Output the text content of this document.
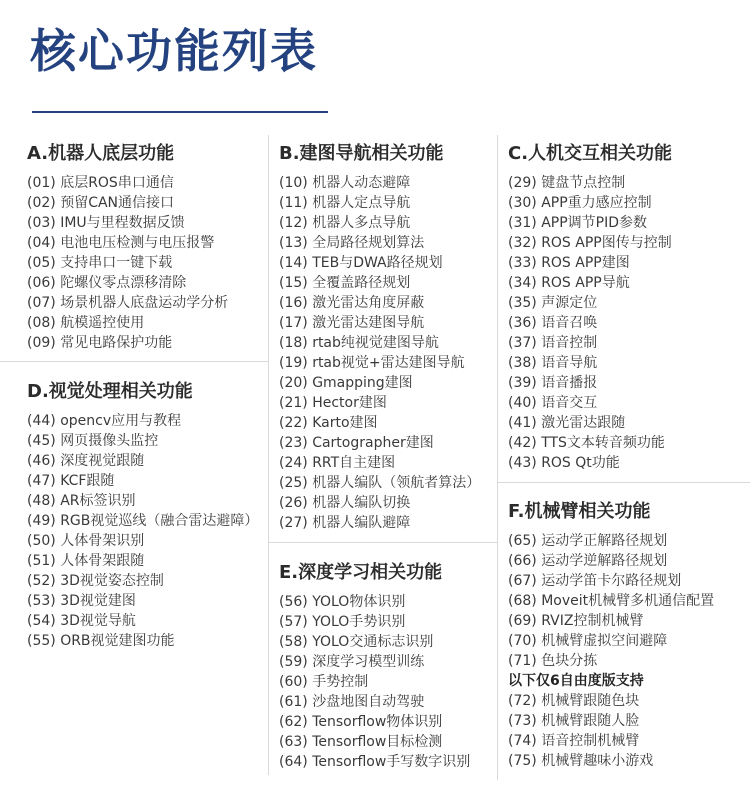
核心功能列表
A.机器人底层功能
(01) 底层ROS串口通信
(02) 预留CAN通信接口
(03) IMU与里程数据反馈
(04) 电池电压检测与电压报警
(05) 支持串口一键下载
(06) 陀螺仪零点漂移清除
(07) 场景机器人底盘运动学分析
(08) 航模遥控使用
(09) 常见电路保护功能
B.建图导航相关功能
(10) 机器人动态避障
(11) 机器人定点导航
(12) 机器人多点导航
(13) 全局路径规划算法
(14) TEB与DWA路径规划
(15) 全覆盖路径规划
(16) 激光雷达角度屏蔽
(17) 激光雷达建图导航
(18) rtab纯视觉建图导航
(19) rtab视觉+雷达建图导航
(20) Gmapping建图
(21) Hector建图
(22) Karto建图
(23) Cartographer建图
(24) RRT自主建图
(25) 机器人编队（领航者算法）
(26) 机器人编队切换
(27) 机器人编队避障
C.人机交互相关功能
(29) 键盘节点控制
(30) APP重力感应控制
(31) APP调节PID参数
(32) ROS APP图传与控制
(33) ROS APP建图
(34) ROS APP导航
(35) 声源定位
(36) 语音召唤
(37) 语音控制
(38) 语音导航
(39) 语音播报
(40) 语音交互
(41) 激光雷达跟随
(42) TTS文本转音频功能
(43) ROS Qt功能
D.视觉处理相关功能
(44) opencv应用与教程
(45) 网页摄像头监控
(46) 深度视觉跟随
(47) KCF跟随
(48) AR标签识别
(49) RGB视觉巡线（融合雷达避障）
(50) 人体骨架识别
(51) 人体骨架跟随
(52) 3D视觉姿态控制
(53) 3D视觉建图
(54) 3D视觉导航
(55) ORB视觉建图功能
E.深度学习相关功能
(56) YOLO物体识别
(57) YOLO手势识别
(58) YOLO交通标志识别
(59) 深度学习模型训练
(60) 手势控制
(61) 沙盘地图自动驾驶
(62) Tensorflow物体识别
(63) Tensorflow目标检测
(64) Tensorflow手写数字识别
F.机械臂相关功能
(65) 运动学正解路径规划
(66) 运动学逆解路径规划
(67) 运动学笛卡尔路径规划
(68) Moveit机械臂多机通信配置
(69) RVIZ控制机械臂
(70) 机械臂虚拟空间避障
(71) 色块分拣
以下仅6自由度版支持
(72) 机械臂跟随色块
(73) 机械臂跟随人脸
(74) 语音控制机械臂
(75) 机械臂趣味小游戏
